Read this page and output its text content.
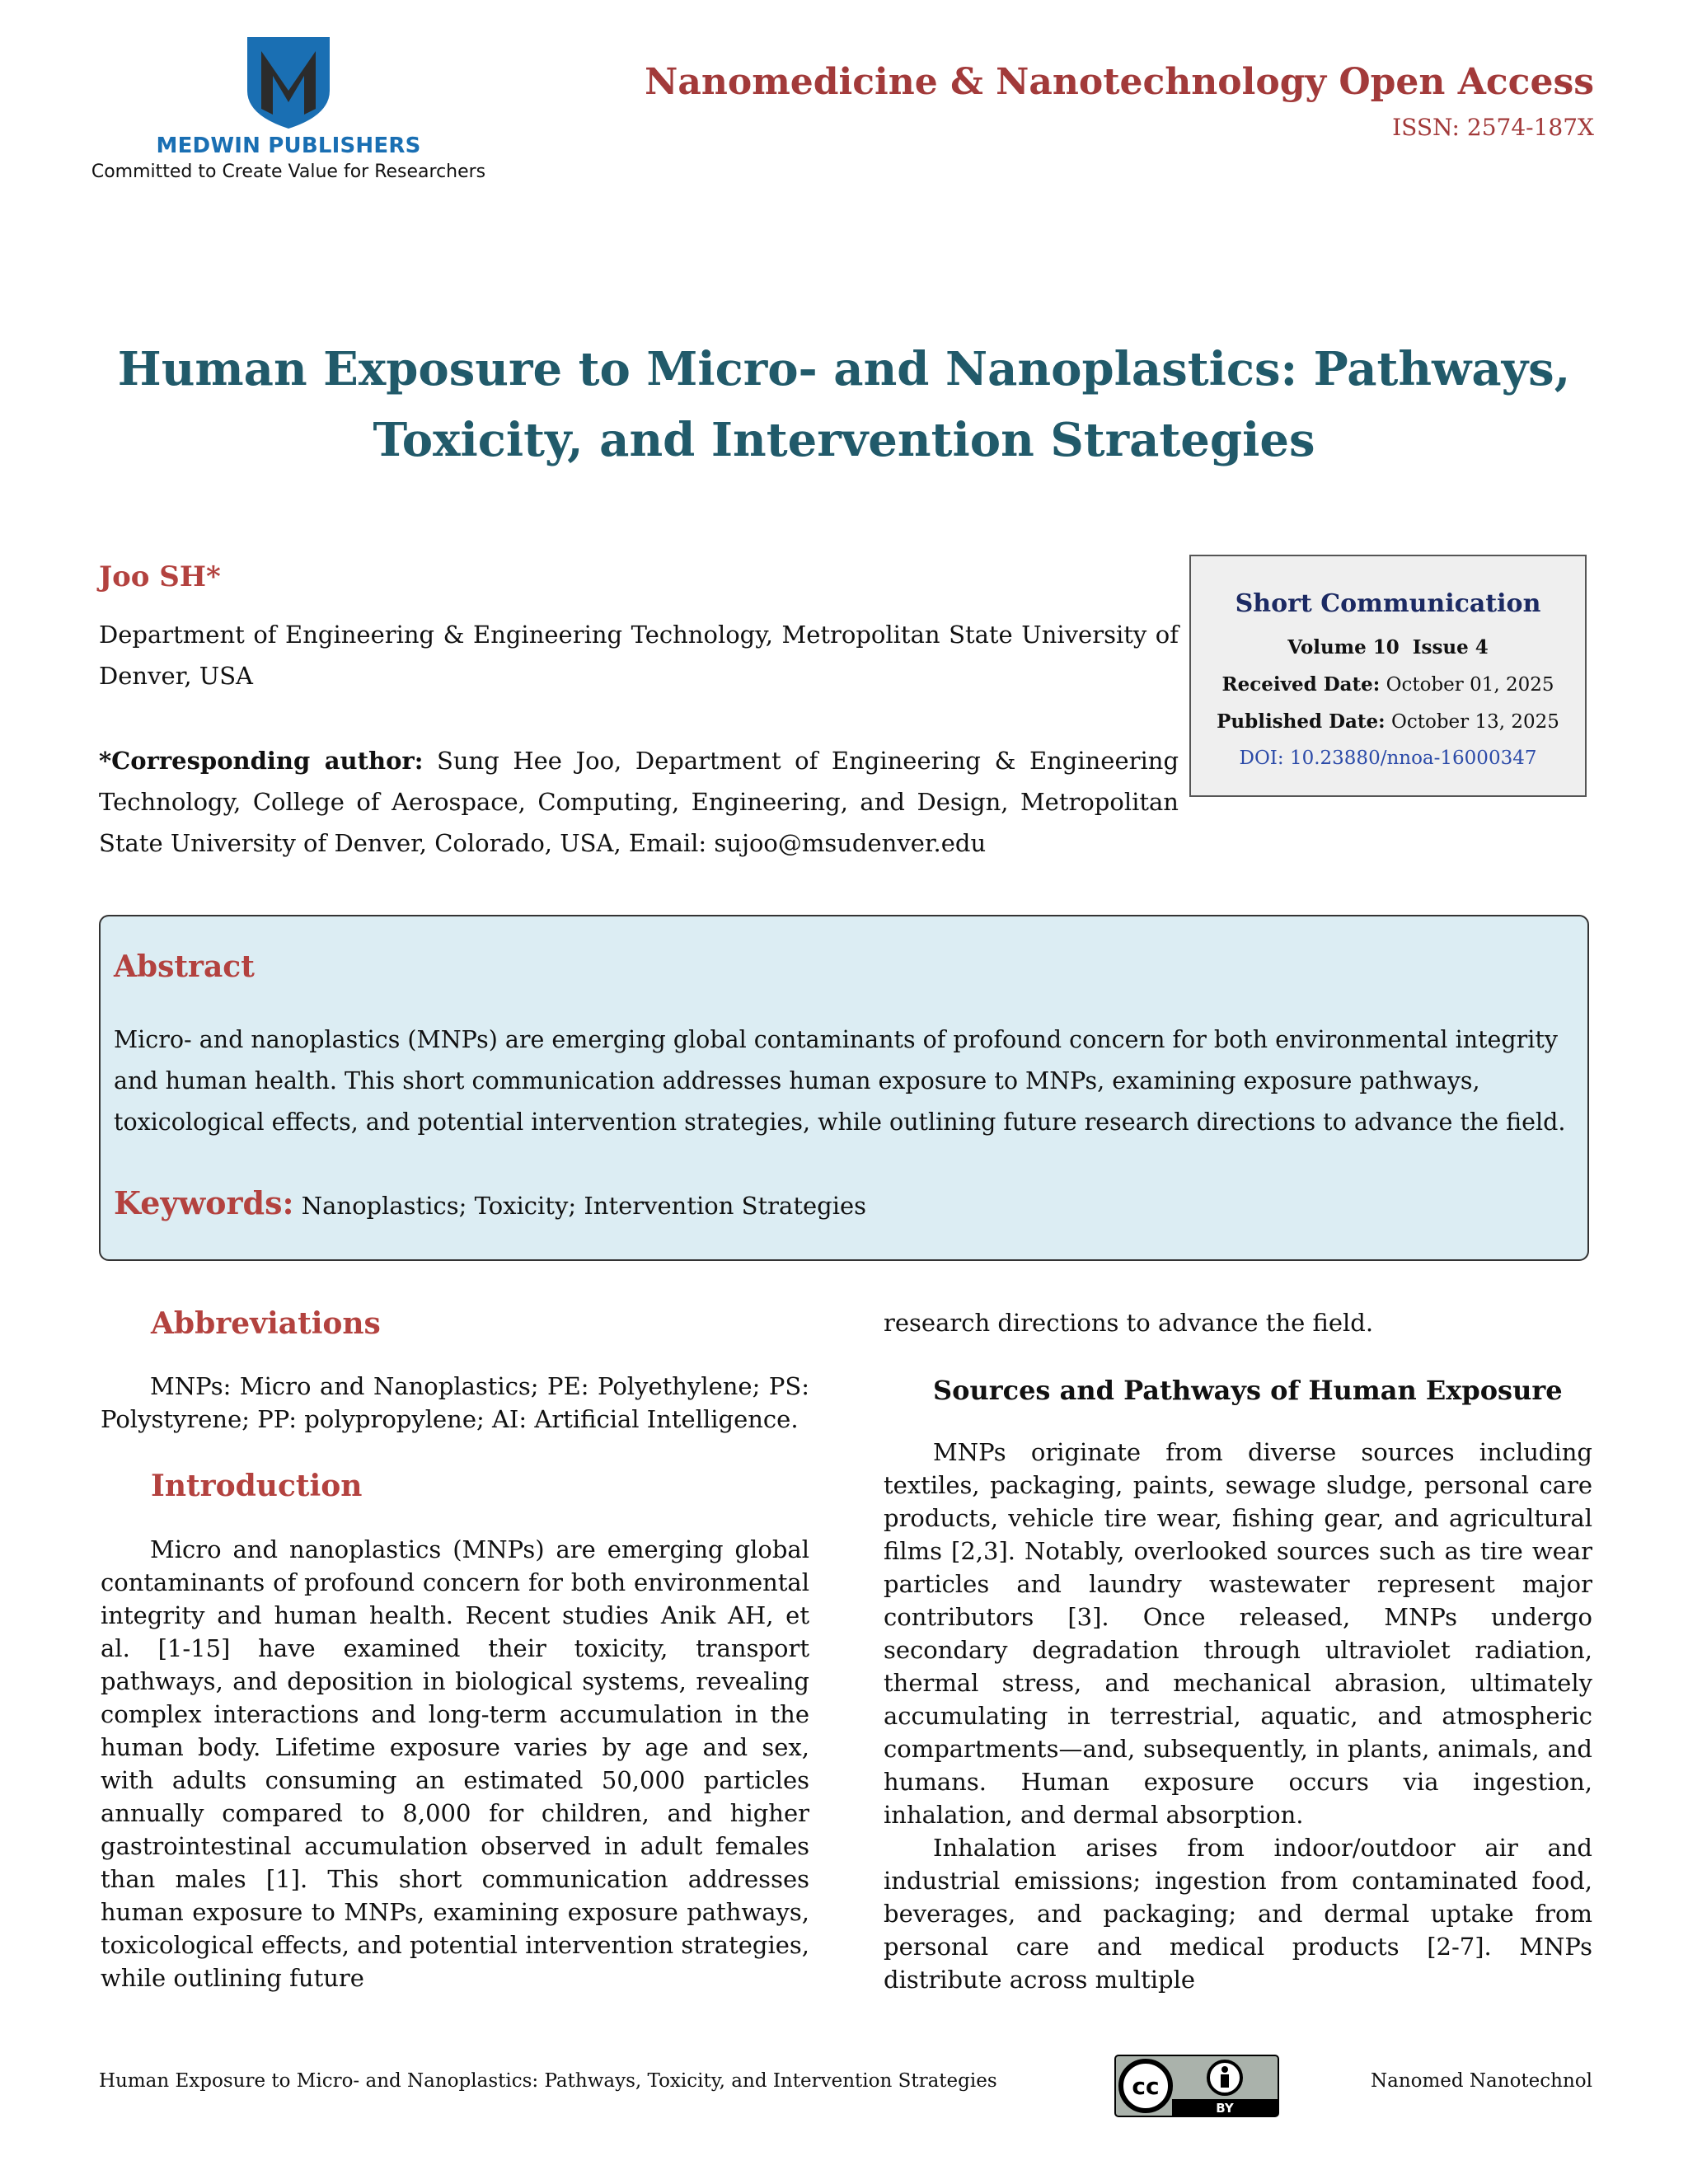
MEDWIN PUBLISHERS
Committed to Create Value for Researchers
Nanomedicine & Nanotechnology Open Access
ISSN: 2574-187X
Human Exposure to Micro- and Nanoplastics: Pathways, Toxicity, and Intervention Strategies
Joo SH*
Department of Engineering & Engineering Technology, Metropolitan State University of Denver, USA
*Corresponding author: Sung Hee Joo, Department of Engineering & Engineering Technology, College of Aerospace, Computing, Engineering, and Design, Metropolitan State University of Denver, Colorado, USA, Email: sujoo@msudenver.edu
Short Communication
Volume 10  Issue 4
Received Date: October 01, 2025
Published Date: October 13, 2025
DOI: 10.23880/nnoa-16000347
Abstract
Micro- and nanoplastics (MNPs) are emerging global contaminants of profound concern for both environmental integrity and human health. This short communication addresses human exposure to MNPs, examining exposure pathways, toxicological effects, and potential intervention strategies, while outlining future research directions to advance the field.
Keywords: Nanoplastics; Toxicity; Intervention Strategies
Abbreviations
MNPs: Micro and Nanoplastics; PE: Polyethylene; PS: Polystyrene; PP: polypropylene; AI: Artificial Intelligence.
Introduction
Micro and nanoplastics (MNPs) are emerging global contaminants of profound concern for both environmental integrity and human health. Recent studies Anik AH, et al. [1-15] have examined their toxicity, transport pathways, and deposition in biological systems, revealing complex interactions and long-term accumulation in the human body. Lifetime exposure varies by age and sex, with adults consuming an estimated 50,000 particles annually compared to 8,000 for children, and higher gastrointestinal accumulation observed in adult females than males [1]. This short communication addresses human exposure to MNPs, examining exposure pathways, toxicological effects, and potential intervention strategies, while outlining future
research directions to advance the field.
Sources and Pathways of Human Exposure
MNPs originate from diverse sources including textiles, packaging, paints, sewage sludge, personal care products, vehicle tire wear, fishing gear, and agricultural films [2,3]. Notably, overlooked sources such as tire wear particles and laundry wastewater represent major contributors [3]. Once released, MNPs undergo secondary degradation through ultraviolet radiation, thermal stress, and mechanical abrasion, ultimately accumulating in terrestrial, aquatic, and atmospheric compartments—and, subsequently, in plants, animals, and humans. Human exposure occurs via ingestion, inhalation, and dermal absorption.
Inhalation arises from indoor/outdoor air and industrial emissions; ingestion from contaminated food, beverages, and packaging; and dermal uptake from personal care and medical products [2-7]. MNPs distribute across multiple
Human Exposure to Micro- and Nanoplastics: Pathways, Toxicity, and Intervention Strategies	cc
BY
Nanomed Nanotechnol
